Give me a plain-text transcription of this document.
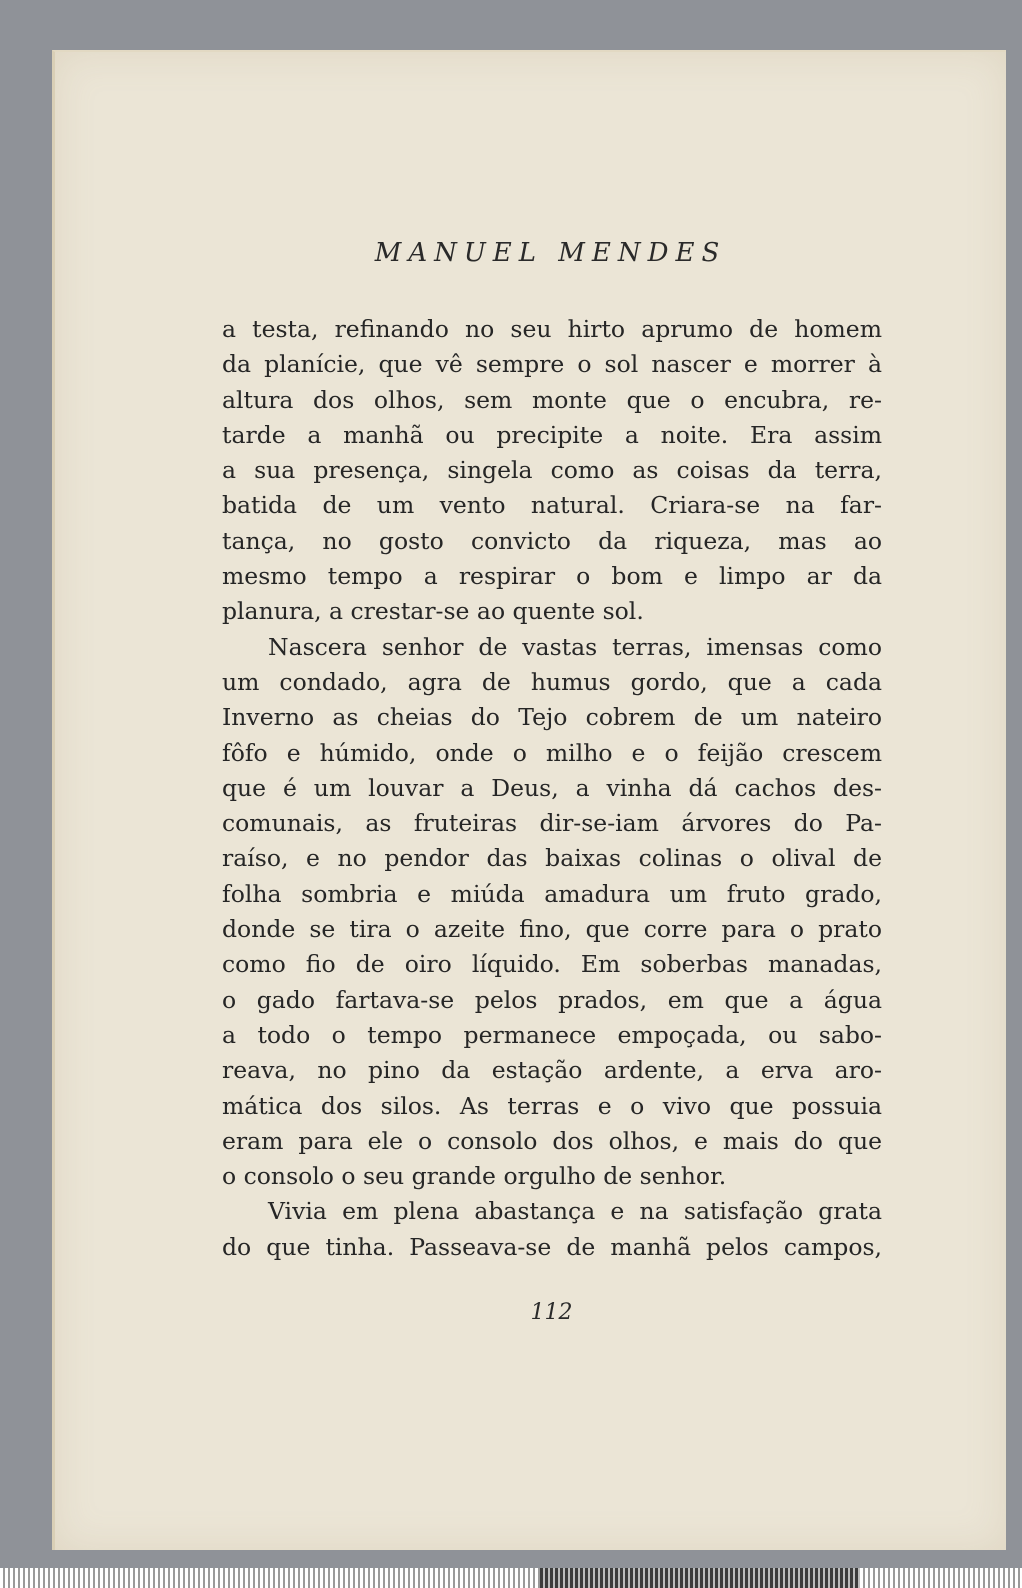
MANUEL MENDES
a testa, refinando no seu hirto aprumo de homem
da planície, que vê sempre o sol nascer e morrer à
altura dos olhos, sem monte que o encubra, re-
tarde a manhã ou precipite a noite. Era assim
a sua presença, singela como as coisas da terra,
batida de um vento natural. Criara-se na far-
tança, no gosto convicto da riqueza, mas ao
mesmo tempo a respirar o bom e limpo ar da
planura, a crestar-se ao quente sol.
Nascera senhor de vastas terras, imensas como
um condado, agra de humus gordo, que a cada
Inverno as cheias do Tejo cobrem de um nateiro
fôfo e húmido, onde o milho e o feijão crescem
que é um louvar a Deus, a vinha dá cachos des-
comunais, as fruteiras dir-se-iam árvores do Pa-
raíso, e no pendor das baixas colinas o olival de
folha sombria e miúda amadura um fruto grado,
donde se tira o azeite fino, que corre para o prato
como fio de oiro líquido. Em soberbas manadas,
o gado fartava-se pelos prados, em que a água
a todo o tempo permanece empoçada, ou sabo-
reava, no pino da estação ardente, a erva aro-
mática dos silos. As terras e o vivo que possuia
eram para ele o consolo dos olhos, e mais do que
o consolo o seu grande orgulho de senhor.
Vivia em plena abastança e na satisfação grata
do que tinha. Passeava-se de manhã pelos campos,
112
